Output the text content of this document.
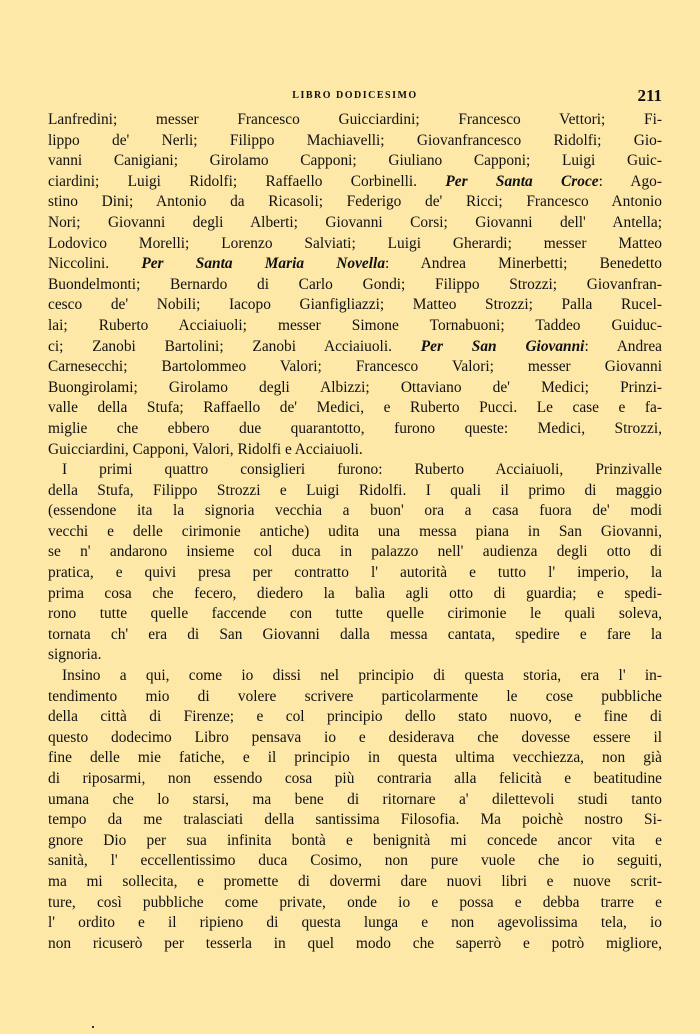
LIBRO DODICESIMO	211
Lanfredini; messer Francesco Guicciardini; Francesco Vettori; Fi-
lippo de' Nerli; Filippo Machiavelli; Giovanfrancesco Ridolfi; Gio-
vanni Canigiani; Girolamo Capponi; Giuliano Capponi; Luigi Guic-
ciardini; Luigi Ridolfi; Raffaello Corbinelli. Per Santa Croce: Ago-
stino Dini; Antonio da Ricasoli; Federigo de' Ricci; Francesco Antonio
Nori; Giovanni degli Alberti; Giovanni Corsi; Giovanni dell' Antella;
Lodovico Morelli; Lorenzo Salviati; Luigi Gherardi; messer Matteo
Niccolini. Per Santa Maria Novella: Andrea Minerbetti; Benedetto
Buondelmonti; Bernardo di Carlo Gondi; Filippo Strozzi; Giovanfran-
cesco de' Nobili; Iacopo Gianfigliazzi; Matteo Strozzi; Palla Rucel-
lai; Ruberto Acciaiuoli; messer Simone Tornabuoni; Taddeo Guiduc-
ci; Zanobi Bartolini; Zanobi Acciaiuoli. Per San Giovanni: Andrea
Carnesecchi; Bartolommeo Valori; Francesco Valori; messer Giovanni
Buongirolami; Girolamo degli Albizzi; Ottaviano de' Medici; Prinzi-
valle della Stufa; Raffaello de' Medici, e Ruberto Pucci. Le case e fa-
miglie che ebbero due quarantotto, furono queste: Medici, Strozzi,
Guicciardini, Capponi, Valori, Ridolfi e Acciaiuoli.
I primi quattro consiglieri furono: Ruberto Acciaiuoli, Prinzivalle
della Stufa, Filippo Strozzi e Luigi Ridolfi. I quali il primo di maggio
(essendone ita la signoria vecchia a buon' ora a casa fuora de' modi
vecchi e delle cirimonie antiche) udita una messa piana in San Giovanni,
se n' andarono insieme col duca in palazzo nell' audienza degli otto di
pratica, e quivi presa per contratto l' autorità e tutto l' imperio, la
prima cosa che fecero, diedero la balìa agli otto di guardia; e spedi-
rono tutte quelle faccende con tutte quelle cirimonie le quali soleva,
tornata ch' era di San Giovanni dalla messa cantata, spedire e fare la
signoria.
Insino a qui, come io dissi nel principio di questa storia, era l' in-
tendimento mio di volere scrivere particolarmente le cose pubbliche
della città di Firenze; e col principio dello stato nuovo, e fine di
questo dodecimo Libro pensava io e desiderava che dovesse essere il
fine delle mie fatiche, e il principio in questa ultima vecchiezza, non già
di riposarmi, non essendo cosa più contraria alla felicità e beatitudine
umana che lo starsi, ma bene di ritornare a' dilettevoli studi tanto
tempo da me tralasciati della santissima Filosofia. Ma poichè nostro Si-
gnore Dio per sua infinita bontà e benignità mi concede ancor vita e
sanità, l' eccellentissimo duca Cosimo, non pure vuole che io seguiti,
ma mi sollecita, e promette di dovermi dare nuovi libri e nuove scrit-
ture, così pubbliche come private, onde io e possa e debba trarre e
l' ordito e il ripieno di questa lunga e non agevolissima tela, io
non ricuserò per tesserla in quel modo che saperrò e potrò migliore,
